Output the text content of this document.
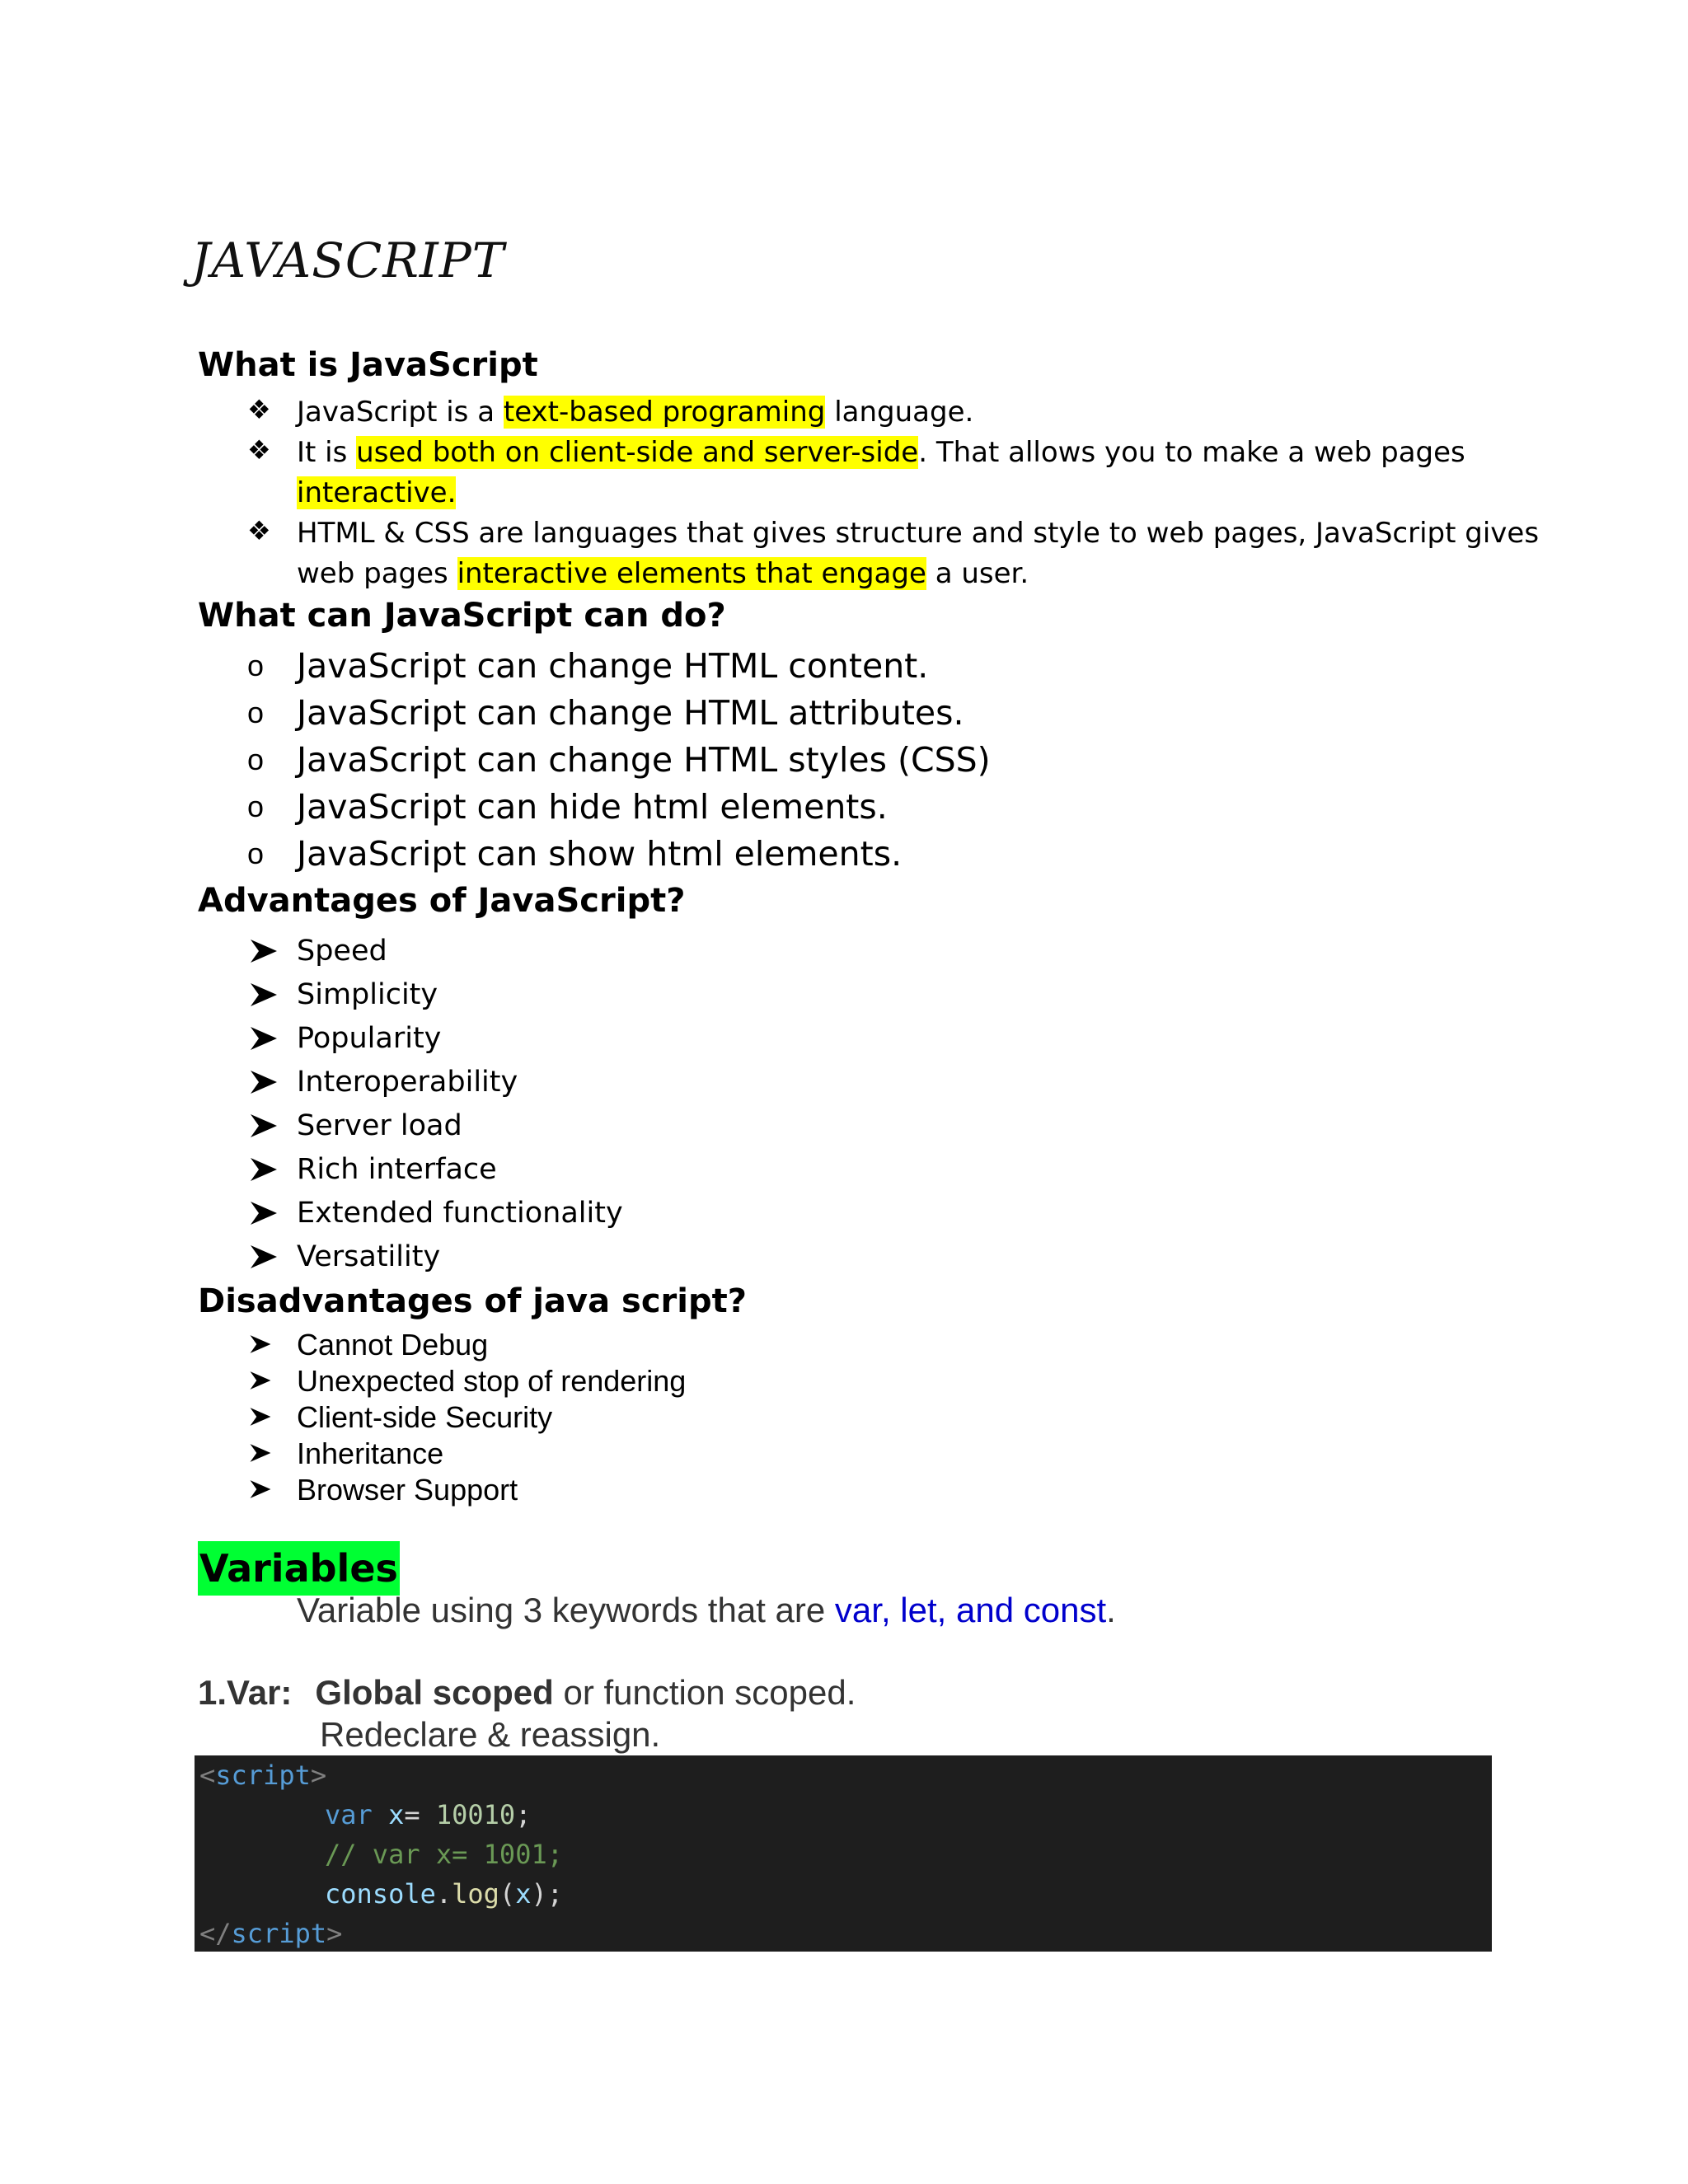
JAVASCRIPT
What is JavaScript
❖ JavaScript is a text-based programing language.
❖ It is used both on client-side and server-side. That allows you to make a web pages
interactive.
❖ HTML & CSS are languages that gives structure and style to web pages, JavaScript gives
web pages interactive elements that engage a user.
What can JavaScript can do?
o JavaScript can change HTML content.
o JavaScript can change HTML attributes.
o JavaScript can change HTML styles (CSS)
o JavaScript can hide html elements.
o JavaScript can show html elements.
Advantages of JavaScript?
Speed
Simplicity
Popularity
Interoperability
Server load
Rich interface
Extended functionality
Versatility
Disadvantages of java script?
Cannot Debug
Unexpected stop of rendering
Client-side Security
Inheritance
Browser Support
Variables
Variable using 3 keywords that are var, let, and const.
1.Var: Global scoped or function scoped.
Redeclare & reassign.
<script>
var x= 10010;
// var x= 1001;
console.log(x);
</script>
